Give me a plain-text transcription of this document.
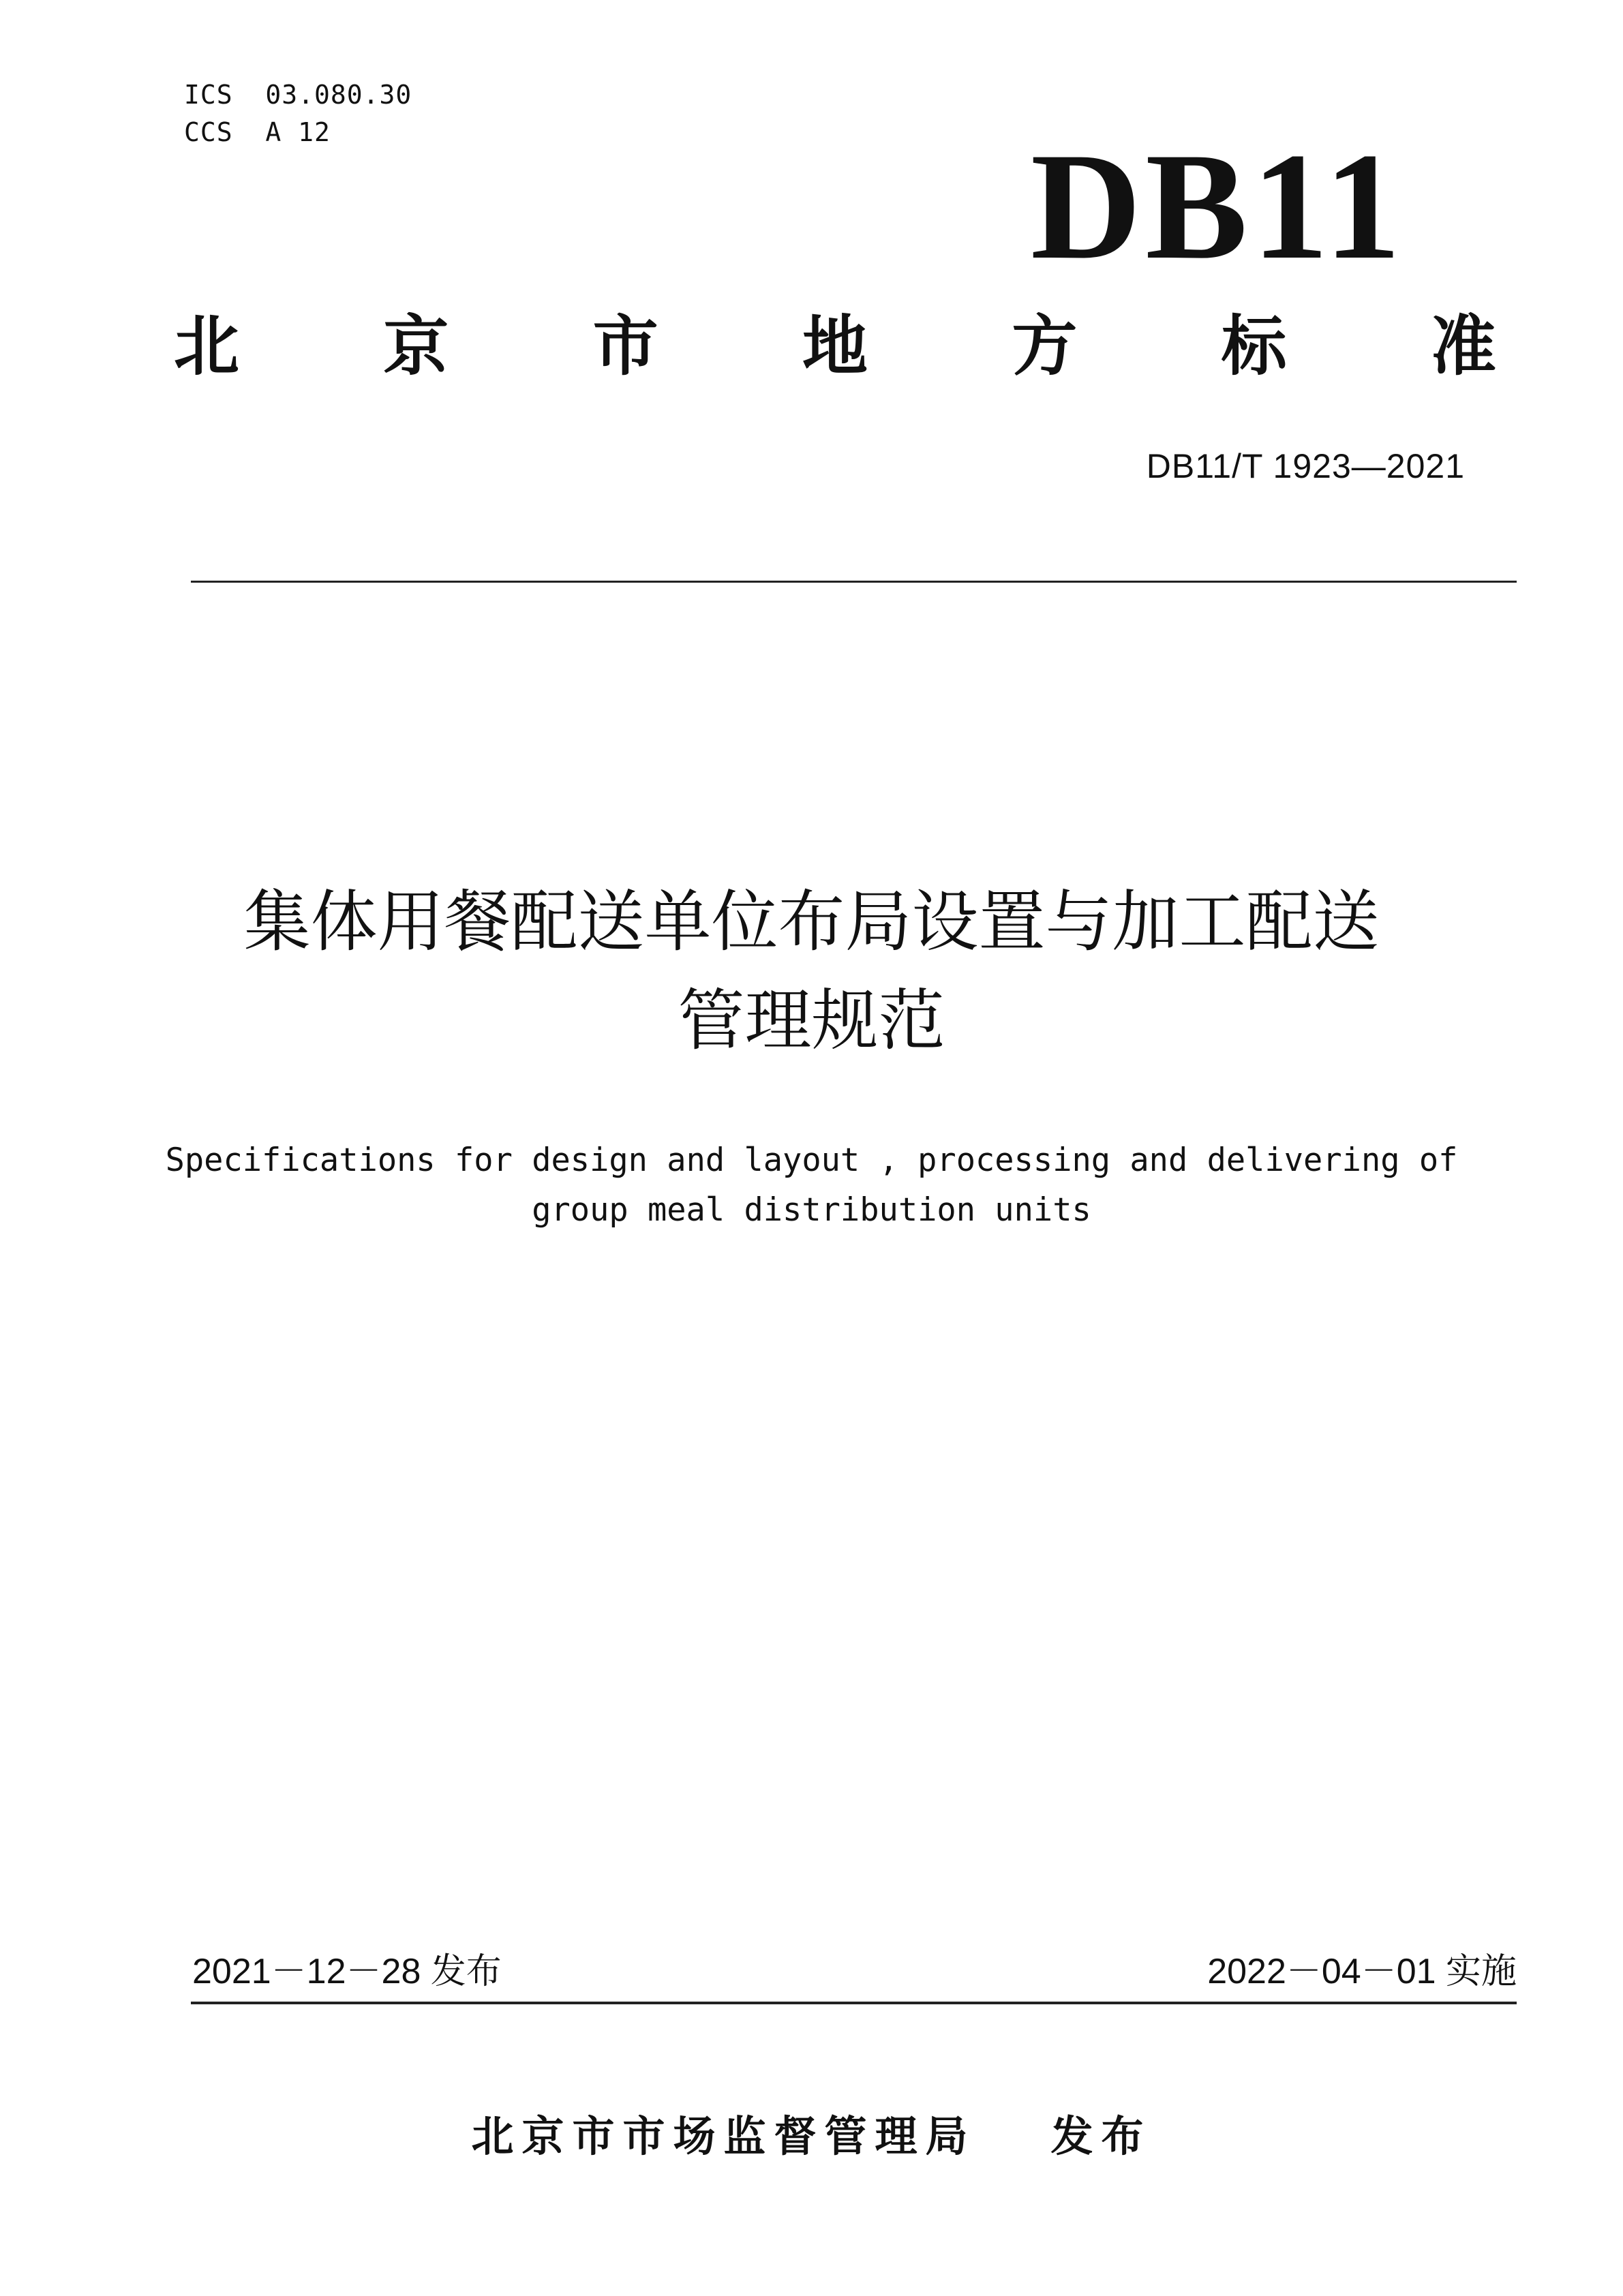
ICS  03.080.30
CCS  A 12	DB11
北 京 市 地 方 标 准
DB11/T 1923—2021
集体用餐配送单位布局设置与加工配送
管理规范
Specifications for design and layout , processing and delivering of
group meal distribution units
2021－12－28 发布	2022－04－01 实施
北京市市场监督管理局 发布
